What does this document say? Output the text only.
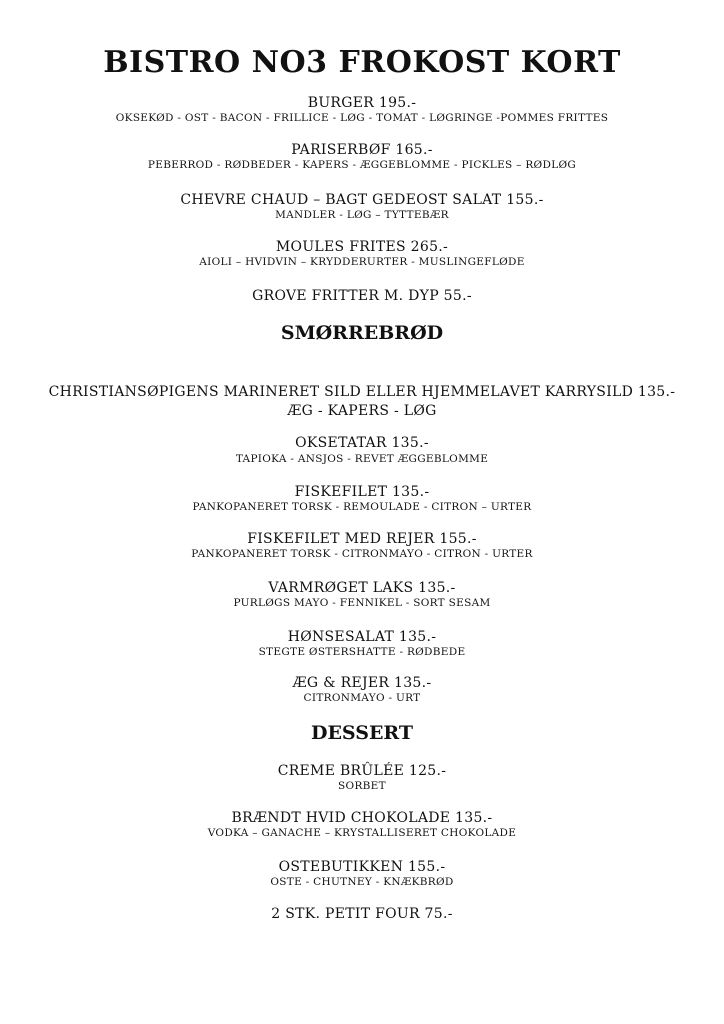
BISTRO NO3 FROKOST KORT
BURGER 195.-
OKSEKØD - OST - BACON - FRILLICE - LØG - TOMAT - LØGRINGE -POMMES FRITTES
PARISERBØF 165.-
PEBERROD - RØDBEDER - KAPERS - ÆGGEBLOMME - PICKLES – RØDLØG
CHEVRE CHAUD – BAGT GEDEOST SALAT 155.-
MANDLER - LØG – TYTTEBÆR
MOULES FRITES 265.-
AIOLI – HVIDVIN – KRYDDERURTER - MUSLINGEFLØDE
GROVE FRITTER M. DYP 55.-
SMØRREBRØD
CHRISTIANSØPIGENS MARINERET SILD ELLER HJEMMELAVET KARRYSILD 135.-
ÆG - KAPERS - LØG
OKSETATAR 135.-
TAPIOKA - ANSJOS - REVET ÆGGEBLOMME
FISKEFILET 135.-
PANKOPANERET TORSK - REMOULADE - CITRON – URTER
FISKEFILET MED REJER 155.-
PANKOPANERET TORSK - CITRONMAYO - CITRON - URTER
VARMRØGET LAKS 135.-
PURLØGS MAYO - FENNIKEL - SORT SESAM
HØNSESALAT 135.-
STEGTE ØSTERSHATTE - RØDBEDE
ÆG & REJER 135.-
CITRONMAYO - URT
DESSERT
CREME BRÛLÉE 125.-
SORBET
BRÆNDT HVID CHOKOLADE 135.-
VODKA – GANACHE – KRYSTALLISERET CHOKOLADE
OSTEBUTIKKEN 155.-
OSTE - CHUTNEY - KNÆKBRØD
2 STK. PETIT FOUR 75.-
